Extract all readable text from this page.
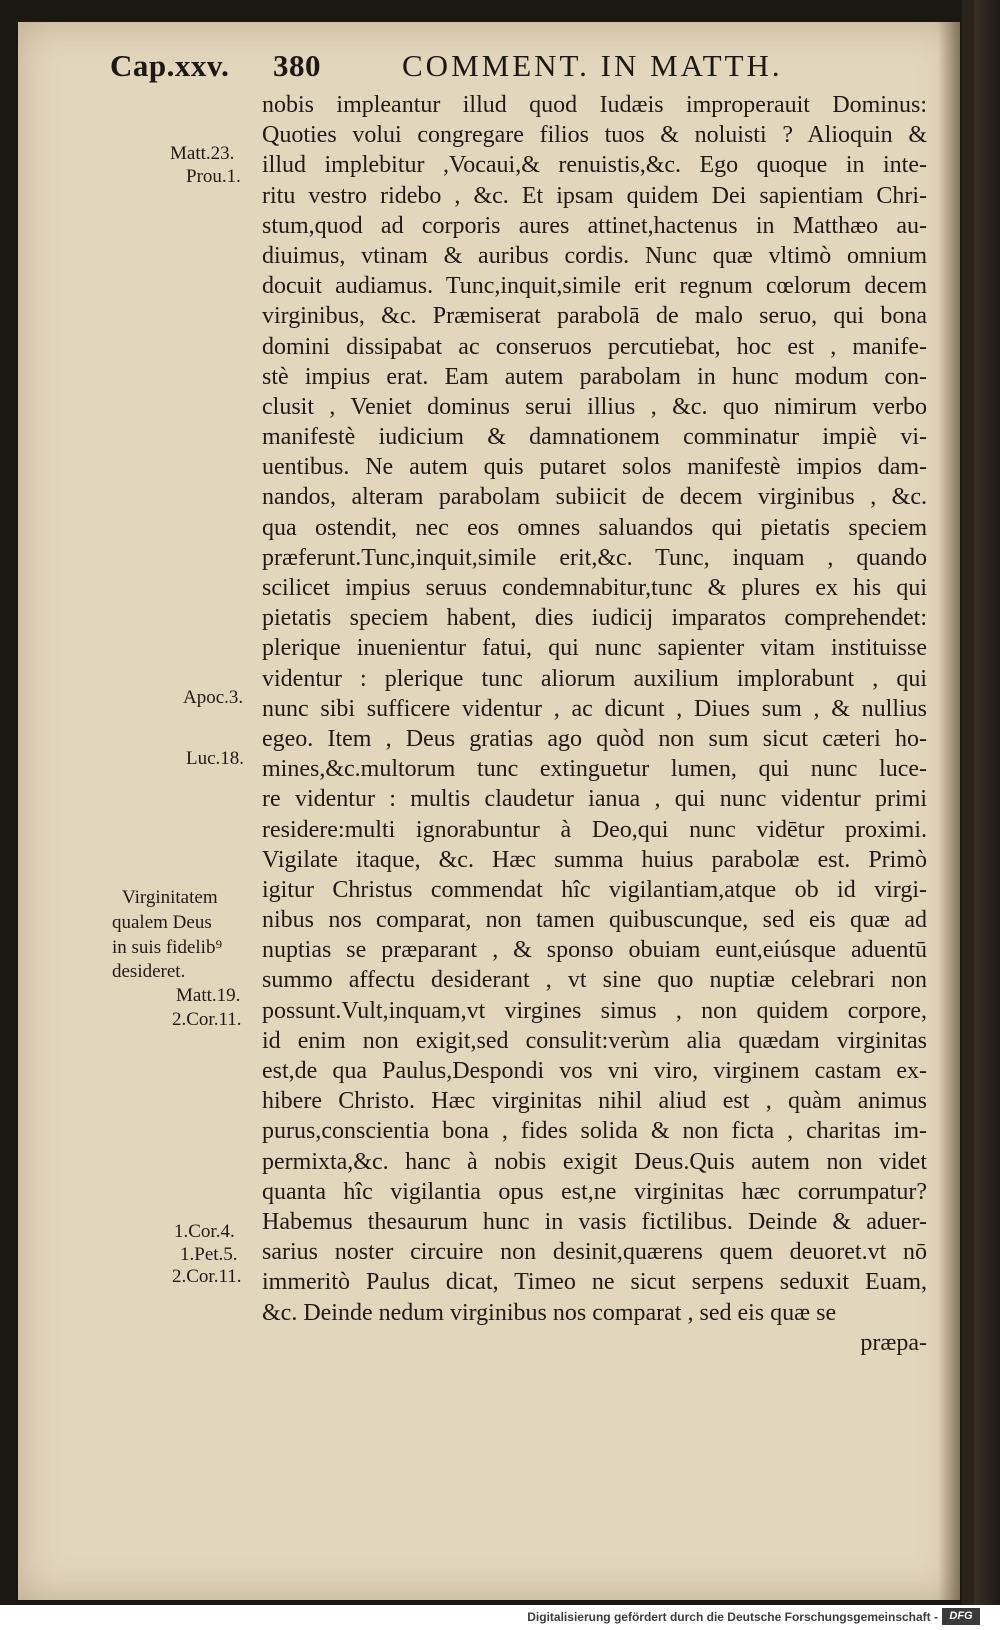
Cap.xxv. 380	COMMENT. IN MATTH.
nobis impleantur illud quod Iudæis improperauit Dominus:
Quoties volui congregare filios tuos & noluisti ? Alioquin &
illud implebitur ,Vocaui,& renuistis,&c. Ego quoque in inte-
ritu vestro ridebo , &c. Et ipsam quidem Dei sapientiam Chri-
stum,quod ad corporis aures attinet,hactenus in Matthæo au-
diuimus, vtinam & auribus cordis. Nunc quæ vltimò omnium
docuit audiamus. Tunc,inquit,simile erit regnum cœlorum decem
virginibus, &c. Præmiserat parabolā de malo seruo, qui bona
domini dissipabat ac conseruos percutiebat, hoc est , manife-
stè impius erat. Eam autem parabolam in hunc modum con-
clusit , Veniet dominus serui illius , &c. quo nimirum verbo
manifestè iudicium & damnationem comminatur impiè vi-
uentibus. Ne autem quis putaret solos manifestè impios dam-
nandos, alteram parabolam subiicit de decem virginibus , &c.
qua ostendit, nec eos omnes saluandos qui pietatis speciem
præferunt.Tunc,inquit,simile erit,&c. Tunc, inquam , quando
scilicet impius seruus condemnabitur,tunc & plures ex his qui
pietatis speciem habent, dies iudicij imparatos comprehendet:
plerique inuenientur fatui, qui nunc sapienter vitam instituisse
videntur : plerique tunc aliorum auxilium implorabunt , qui
nunc sibi sufficere videntur , ac dicunt , Diues sum , & nullius
egeo. Item , Deus gratias ago quòd non sum sicut cæteri ho-
mines,&c.multorum tunc extinguetur lumen, qui nunc luce-
re videntur : multis claudetur ianua , qui nunc videntur primi
residere:multi ignorabuntur à Deo,qui nunc vidētur proximi.
Vigilate itaque, &c. Hæc summa huius parabolæ est. Primò
igitur Christus commendat hîc vigilantiam,atque ob id virgi-
nibus nos comparat, non tamen quibuscunque, sed eis quæ ad
nuptias se præparant , & sponso obuiam eunt,eiúsque aduentū
summo affectu desiderant , vt sine quo nuptiæ celebrari non
possunt.Vult,inquam,vt virgines simus , non quidem corpore,
id enim non exigit,sed consulit:verùm alia quædam virginitas
est,de qua Paulus,Despondi vos vni viro, virginem castam ex-
hibere Christo. Hæc virginitas nihil aliud est , quàm animus
purus,conscientia bona , fides solida & non ficta , charitas im-
permixta,&c. hanc à nobis exigit Deus.Quis autem non videt
quanta hîc vigilantia opus est,ne virginitas hæc corrumpatur?
Habemus thesaurum hunc in vasis fictilibus. Deinde & aduer-
sarius noster circuire non desinit,quærens quem deuoret.vt nō
immeritò Paulus dicat, Timeo ne sicut serpens seduxit Euam,
&c. Deinde nedum virginibus nos comparat , sed eis quæ se
præpa-
Matt.23.
Prou.1.
Apoc.3.
Luc.18.
Virginitatem
qualem Deus
in suis fidelib⁹
desideret.
Matt.19.
2.Cor.11.
1.Cor.4.
1.Pet.5.
2.Cor.11.
Digitalisierung gefördert durch die Deutsche Forschungsgemeinschaft -	DFG
